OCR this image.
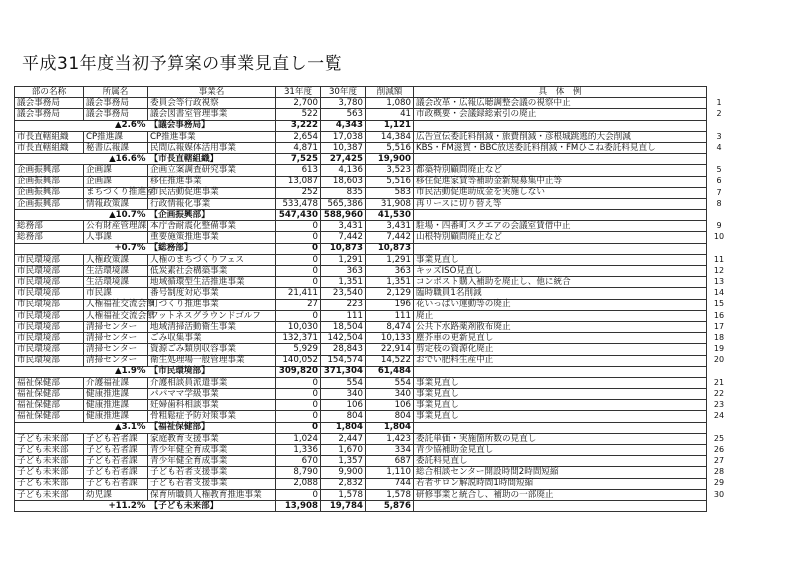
平成31年度当初予算案の事業見直し一覧
部の名称	所属名	事業名	31年度	30年度	削減額	具　体　例
議会事務局	議会事務局	委員会等行政視察	2,700	3,780	1,080	議会改革・広報広聴調整会議の視察中止
議会事務局	議会事務局	議会図書室管理事業	522	563	41	市政概要・会議録総索引の廃止
▲2.6%		【議会事務局】	3,222	4,343	1,121	
市長直轄組織	CP推進課	CP推進事業	2,654	17,038	14,384	広告宣伝委託料削減・旅費削減・彦根城跳逃的大会削減
市長直轄組織	秘書広報課	民間広報媒体活用事業	4,871	10,387	5,516	KBS・FM滋賀・BBC放送委託料削減・FMひこね委託料見直し
▲16.6%		【市長直轄組織】	7,525	27,425	19,900	
企画振興部	企画課	企画立案調査研究事業	613	4,136	3,523	都築特別顧問廃止など
企画振興部	企画課	移住推進事業	13,087	18,603	5,516	移住促進家賃等補助金新規募集中止等
企画振興部	まちづくり推進室	市民活動促進事業	252	835	583	市民活動促進助成金を実施しない
企画振興部	情報政策課	行政情報化事業	533,478	565,386	31,908	再リースに切り替え等
▲10.7%		【企画振興部】	547,430	588,960	41,530	
総務部	公有財産管理課	本庁舎耐震化整備事業	0	3,431	3,431	駐場・四番町スクエアの会議室賃借中止
総務部	人事課	重要施策推進事業	0	7,442	7,442	山根特別顧問廃止など
+0.7%		【総務部】	0	10,873	10,873	
市民環境部	人権政策課	人権のまちづくりフェス	0	1,291	1,291	事業見直し
市民環境部	生活環境課	低炭素社会構築事業	0	363	363	キッズISO見直し
市民環境部	生活環境課	地域循環型生活推進事業	0	1,351	1,351	コンポスト購入補助を廃止し、他に統合
市民環境部	市民課	番号制度対応事業	21,411	23,540	2,129	臨時職員1名削減
市民環境部	人権福祉交流会館	町づくり推進事業	27	223	196	花いっぱい運動等の廃止
市民環境部	人権福祉交流会館	ワットネスグラウンドゴルフ	0	111	111	廃止
市民環境部	清掃センター	地域清掃活動衛生事業	10,030	18,504	8,474	公共下水路薬剤散布廃止
市民環境部	清掃センター	ごみ収集事業	132,371	142,504	10,133	塵芥車の更新見直し
市民環境部	清掃センター	資源ごみ類別収容事業	5,929	28,843	22,914	剪定枝の資源化廃止
市民環境部	清掃センター	衛生処理場一般管理事業	140,052	154,574	14,522	おでい肥料生産中止
▲1.9%		【市民環境部】	309,820	371,304	61,484	
福祉保健部	介護福祉課	介護相談員派遣事業	0	554	554	事業見直し
福祉保健部	健康推進課	パパママ学級事業	0	340	340	事業見直し
福祉保健部	健康推進課	妊婦歯科相談事業	0	106	106	事業見直し
福祉保健部	健康推進課	骨粗鬆症予防対策事業	0	804	804	事業見直し
▲3.1%		【福祉保健部】	0	1,804	1,804	
子ども未来部	子ども若者課	家庭教育支援事業	1,024	2,447	1,423	委託単価・実施箇所数の見直し
子ども未来部	子ども若者課	青少年健全育成事業	1,336	1,670	334	青少協補助金見直し
子ども未来部	子ども若者課	青少年健全育成事業	670	1,357	687	委託料見直し
子ども未来部	子ども若者課	子ども若者支援事業	8,790	9,900	1,110	総合相談センター開設時間2時間短縮
子ども未来部	子ども若者課	子ども若者支援事業	2,088	2,832	744	若者サロン解説時間1時間短縮
子ども未来部	幼児課	保育所職員人権教育推進事業	0	1,578	1,578	研修事業と統合し、補助の一部廃止
+11.2%		【子ども未来部】	13,908	19,784	5,876	
1
2
3
4
5
6
7
8
9
10
11
12
13
14
15
16
17
18
19
20
21
22
23
24
25
26
27
28
29
30
